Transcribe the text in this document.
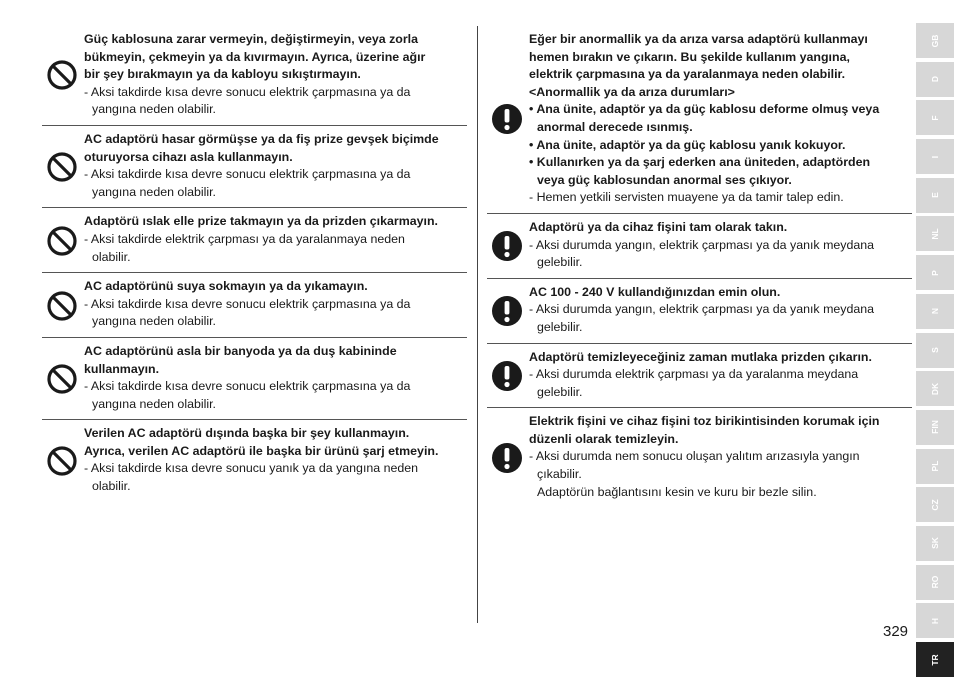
Güç kablosuna zarar vermeyin, değiştirmeyin, veya zorla
bükmeyin, çekmeyin ya da kıvırmayın. Ayrıca, üzerine ağır
bir şey bırakmayın ya da kabloyu sıkıştırmayın.
- Aksi takdirde kısa devre sonucu elektrik çarpmasına ya da
yangına neden olabilir.
AC adaptörü hasar görmüşse ya da fiş prize gevşek biçimde
oturuyorsa cihazı asla kullanmayın.
- Aksi takdirde kısa devre sonucu elektrik çarpmasına ya da
yangına neden olabilir.
Adaptörü ıslak elle prize takmayın ya da prizden çıkarmayın.
- Aksi takdirde elektrik çarpması ya da yaralanmaya neden
olabilir.
AC adaptörünü suya sokmayın ya da yıkamayın.
- Aksi takdirde kısa devre sonucu elektrik çarpmasına ya da
yangına neden olabilir.
AC adaptörünü asla bir banyoda ya da duş kabininde
kullanmayın.
- Aksi takdirde kısa devre sonucu elektrik çarpmasına ya da
yangına neden olabilir.
Verilen AC adaptörü dışında başka bir şey kullanmayın.
Ayrıca, verilen AC adaptörü ile başka bir ürünü şarj etmeyin.
- Aksi takdirde kısa devre sonucu yanık ya da yangına neden
olabilir.
Eğer bir anormallik ya da arıza varsa adaptörü kullanmayı
hemen bırakın ve çıkarın. Bu şekilde kullanım yangına,
elektrik çarpmasına ya da yaralanmaya neden olabilir.
<Anormallik ya da arıza durumları>
• Ana ünite, adaptör ya da güç kablosu deforme olmuş veya
anormal derecede ısınmış.
• Ana ünite, adaptör ya da güç kablosu yanık kokuyor.
• Kullanırken ya da şarj ederken ana üniteden, adaptörden
veya güç kablosundan anormal ses çıkıyor.
- Hemen yetkili servisten muayene ya da tamir talep edin.
Adaptörü ya da cihaz fişini tam olarak takın.
- Aksi durumda yangın, elektrik çarpması ya da yanık meydana
gelebilir.
AC 100 - 240 V kullandığınızdan emin olun.
- Aksi durumda yangın, elektrik çarpması ya da yanık meydana
gelebilir.
Adaptörü temizleyeceğiniz zaman mutlaka prizden çıkarın.
- Aksi durumda elektrik çarpması ya da yaralanma meydana
gelebilir.
Elektrik fişini ve cihaz fişini toz birikintisinden korumak için
düzenli olarak temizleyin.
- Aksi durumda nem sonucu oluşan yalıtım arızasıyla yangın
çıkabilir.
Adaptörün bağlantısını kesin ve kuru bir bezle silin.
GB
D
F
I
E
NL
P
N
S
DK
FIN
PL
CZ
SK
RO
H
TR
329
